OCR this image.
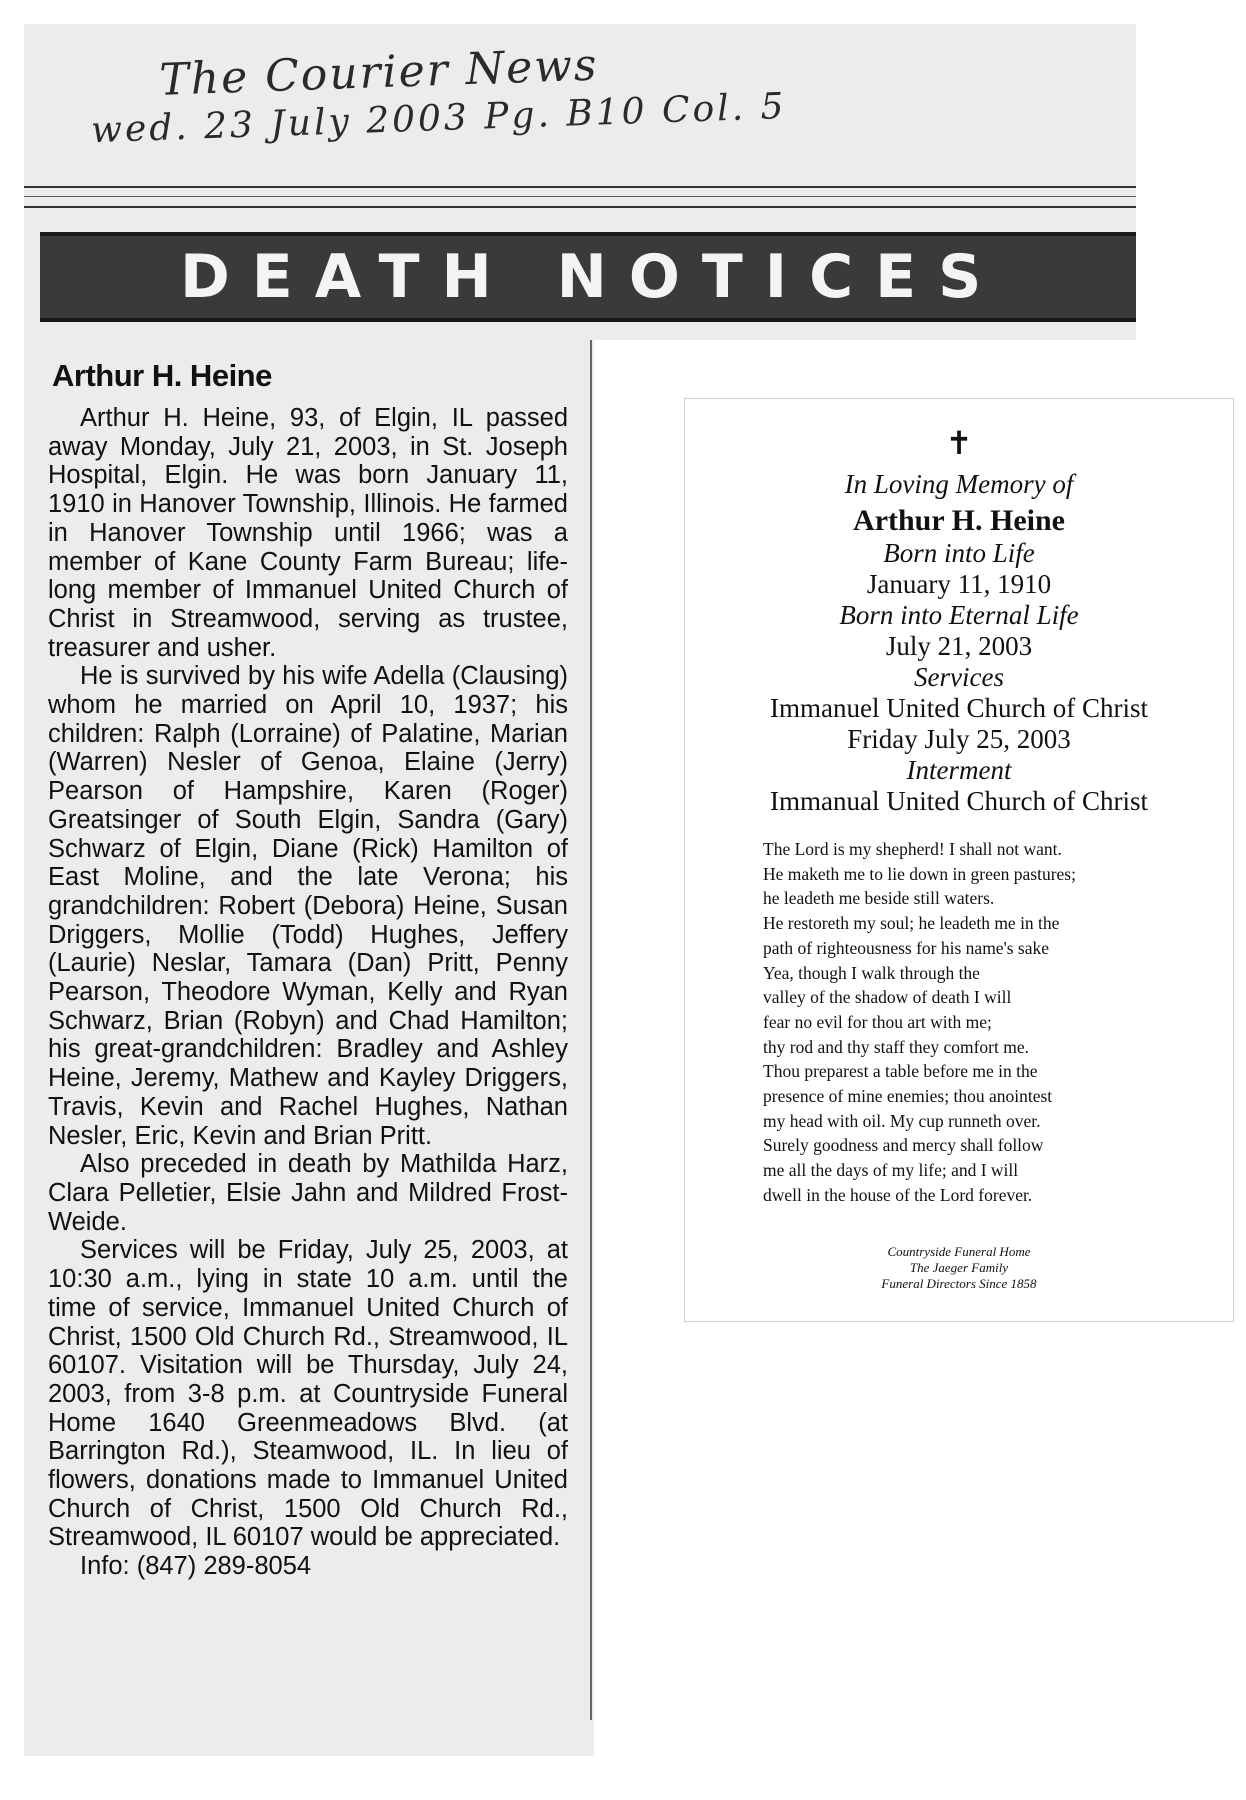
The Courier News
wed. 23 July 2003 Pg. B10 Col. 5
DEATH NOTICES
Arthur H. Heine

Arthur H. Heine, 93, of Elgin, IL passed away Monday, July 21, 2003, in St. Joseph Hospital, Elgin. He was born January 11, 1910 in Hanover Township, Illinois. He farmed in Hanover Township until 1966; was a member of Kane County Farm Bureau; life-long member of Immanuel United Church of Christ in Streamwood, serving as trustee, treasurer and usher.

He is survived by his wife Adella (Clausing) whom he married on April 10, 1937; his children: Ralph (Lorraine) of Palatine, Marian (Warren) Nesler of Genoa, Elaine (Jerry) Pearson of Hampshire, Karen (Roger) Greatsinger of South Elgin, Sandra (Gary) Schwarz of Elgin, Diane (Rick) Hamilton of East Moline, and the late Verona; his grandchildren: Robert (Debora) Heine, Susan Driggers, Mollie (Todd) Hughes, Jeffery (Laurie) Neslar, Tamara (Dan) Pritt, Penny Pearson, Theodore Wyman, Kelly and Ryan Schwarz, Brian (Robyn) and Chad Hamilton; his great-grandchildren: Bradley and Ashley Heine, Jeremy, Mathew and Kayley Driggers, Travis, Kevin and Rachel Hughes, Nathan Nesler, Eric, Kevin and Brian Pritt.

Also preceded in death by Mathilda Harz, Clara Pelletier, Elsie Jahn and Mildred Frost-Weide.

Services will be Friday, July 25, 2003, at 10:30 a.m., lying in state 10 a.m. until the time of service, Immanuel United Church of Christ, 1500 Old Church Rd., Streamwood, IL 60107. Visitation will be Thursday, July 24, 2003, from 3-8 p.m. at Countryside Funeral Home 1640 Greenmeadows Blvd. (at Barrington Rd.), Steamwood, IL. In lieu of flowers, donations made to Immanuel United Church of Christ, 1500 Old Church Rd., Streamwood, IL 60107 would be appreciated.

Info: (847) 289-8054

✝
In Loving Memory of
Arthur H. Heine
Born into Life
January 11, 1910
Born into Eternal Life
July 21, 2003
Services
Immanuel United Church of Christ
Friday July 25, 2003
Interment
Immanual United Church of Christ
The Lord is my shepherd! I shall not want.
He maketh me to lie down in green pastures;
he leadeth me beside still waters.
He restoreth my soul; he leadeth me in the
path of righteousness for his name's sake
Yea, though I walk through the
valley of the shadow of death I will
fear no evil for thou art with me;
thy rod and thy staff they comfort me.
Thou preparest a table before me in the
presence of mine enemies; thou anointest
my head with oil. My cup runneth over.
Surely goodness and mercy shall follow
me all the days of my life; and I will
dwell in the house of the Lord forever.
Countryside Funeral Home
The Jaeger Family
Funeral Directors Since 1858
